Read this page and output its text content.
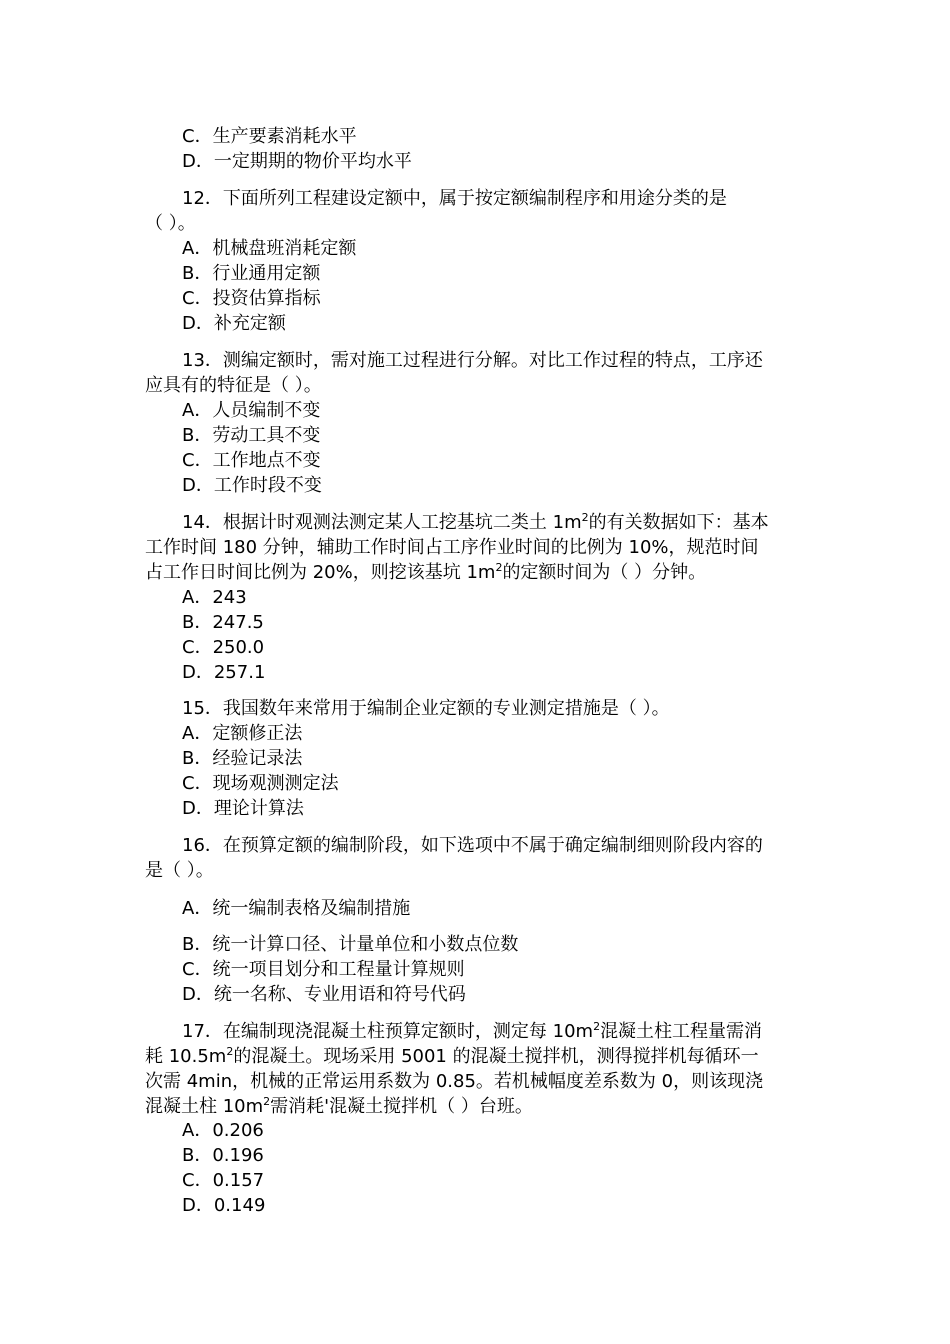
C．生产要素消耗水平
D．一定期期的物价平均水平
12．下面所列工程建设定额中，属于按定额编制程序和用途分类的是
（ ）。
A．机械盘班消耗定额
B．行业通用定额
C．投资估算指标
D．补充定额
13．测编定额时，需对施工过程进行分解。对比工作过程的特点，工序还
应具有的特征是（ ）。
A．人员编制不变
B．劳动工具不变
C．工作地点不变
D．工作时段不变
14．根据计时观测法测定某人工挖基坑二类土 $1m^2$的有关数据如下：基本
工作时间 180 分钟，辅助工作时间占工序作业时间的比例为 10%，规范时间
占工作日时间比例为 20%，则挖该基坑 $1m^2$的定额时间为（ ）分钟。
A．243
B．247.5
C．250.0
D．257.1
15．我国数年来常用于编制企业定额的专业测定措施是（ ）。
A．定额修正法
B．经验记录法
C．现场观测测定法
D．理论计算法
16．在预算定额的编制阶段，如下选项中不属于确定编制细则阶段内容的
是（ ）。
A．统一编制表格及编制措施
B．统一计算口径、计量单位和小数点位数
C．统一项目划分和工程量计算规则
D．统一名称、专业用语和符号代码
17．在编制现浇混凝土柱预算定额时，测定每 $10m^2$混凝土柱工程量需消
耗 $10.5m^2$的混凝土。现场采用 5001 的混凝土搅拌机，测得搅拌机每循环一
次需 4min，机械的正常运用系数为 0.85。若机械幅度差系数为 0，则该现浇
混凝土柱 $10m^2$需消耗'混凝土搅拌机（ ）台班。
A．0.206
B．0.196
C．0.157
D．0.149
